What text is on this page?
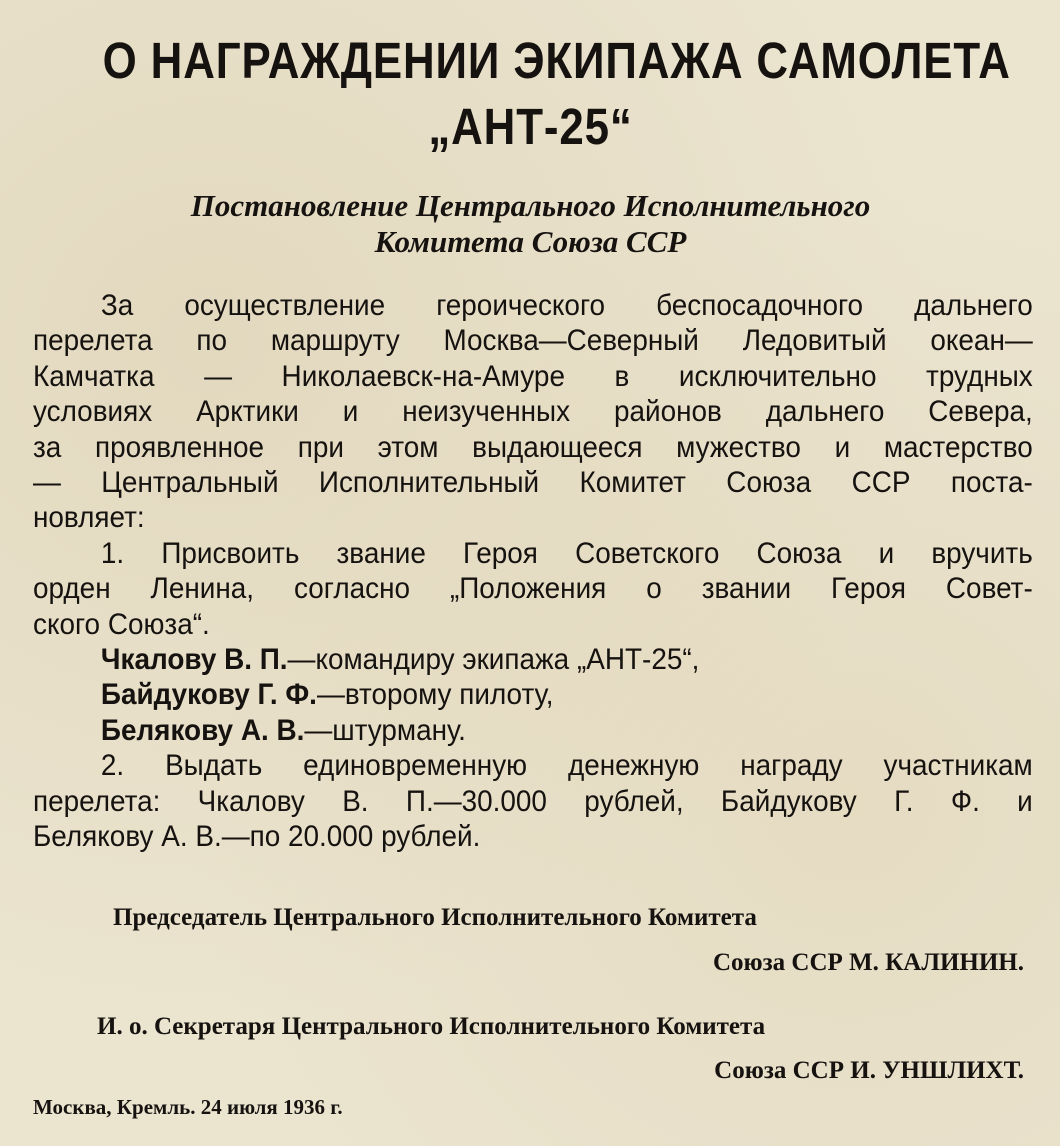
О НАГРАЖДЕНИИ ЭКИПАЖА САМОЛЕТА
„АНТ-25“
Постановление Центрального Исполнительного
Комитета Союза ССР
За осуществление героического беспосадочного дальнего
перелета по маршруту Москва—Северный Ледовитый океан—
Камчатка — Николаевск-на-Амуре в исключительно трудных
условиях Арктики и неизученных районов дальнего Севера,
за проявленное при этом выдающееся мужество и мастерство
— Центральный Исполнительный Комитет Союза ССР поста-
новляет:
1. Присвоить звание Героя Советского Союза и вручить
орден Ленина, согласно „Положения о звании Героя Совет-
ского Союза“.
Чкалову В. П.—командиру экипажа „АНТ-25“,
Байдукову Г. Ф.—второму пилоту,
Белякову А. В.—штурману.
2. Выдать единовременную денежную награду участникам
перелета: Чкалову В. П.—30.000 рублей, Байдукову Г. Ф. и
Белякову А. В.—по 20.000 рублей.
Председатель Центрального Исполнительного Комитета
Союза ССР М. КАЛИНИН.
И. о. Секретаря Центрального Исполнительного Комитета
Союза ССР И. УНШЛИХТ.
Москва, Кремль. 24 июля 1936 г.
